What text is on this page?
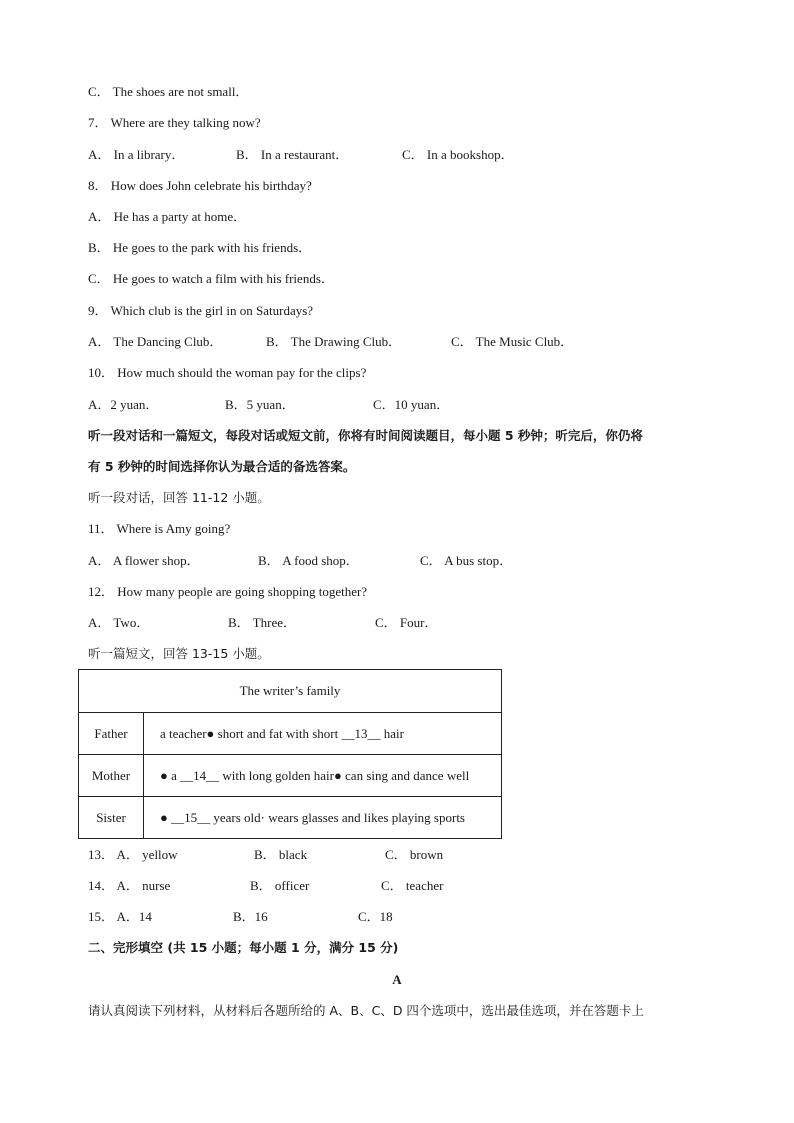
C． The shoes are not small．
7． Where are they talking now?
A． In a library．	B． In a restaurant．	C． In a bookshop．
8． How does John celebrate his birthday?
A． He has a party at home．
B． He goes to the park with his friends．
C． He goes to watch a film with his friends．
9． Which club is the girl in on Saturdays?
A． The Dancing Club．	B． The Drawing Club．	C． The Music Club．
10． How much should the woman pay for the clips?
A．2 yuan．	B．5 yuan．	C．10 yuan．
听一段对话和一篇短文，每段对话或短文前，你将有时间阅读题目，每小题 5 秒钟；听完后，你仍将
有 5 秒钟的时间选择你认为最合适的备选答案。
听一段对话，回答 11-12 小题。
11． Where is Amy going?
A． A flower shop．	B． A food shop．	C． A bus stop．
12． How many people are going shopping together?
A． Two．	B． Three．	C． Four．
听一篇短文，回答 13-15 小题。
The writer’s family	
Father	a teacher● short and fat with short __13__ hair
Mother	● a __14__ with long golden hair● can sing and dance well
Sister	● __15__ years old· wears glasses and likes playing sports
13． A． yellow	B． black	C． brown
14． A． nurse	B． officer	C． teacher
15． A．14	B．16	C．18
二、完形填空 (共 15 小题；每小题 1 分，满分 15 分)
A
请认真阅读下列材料，从材料后各题所给的 A、B、C、D 四个选项中，选出最佳选项，并在答题卡上
